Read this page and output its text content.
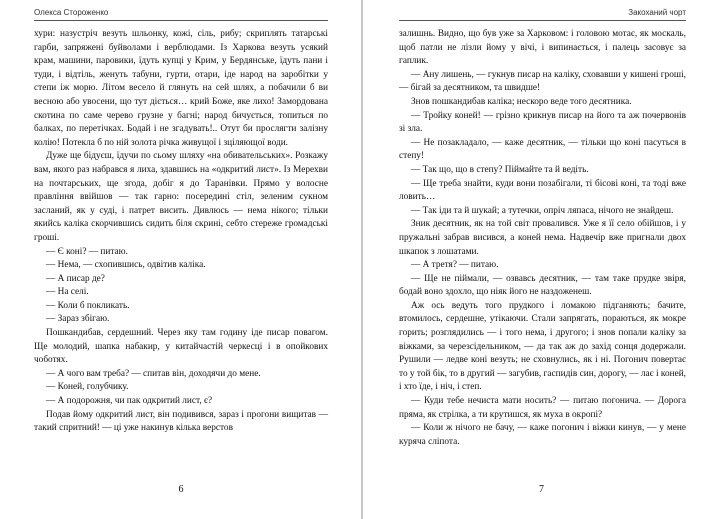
Олекса Стороженко

хури: назустріч везуть шльонку, кожі, сіль, рибу; скриплять татарські гарби, запряжені буйволами і верблюдами. Із Харкова везуть усякий крам, машини, паровики, їдуть купці у Крим, у Бердянське, їдуть пани і туди, і відтіль, женуть табуни, гурти, отари, іде народ на заробітки у степи іж морю. Літом весело й глянуть на сей шлях, а побачили б ви весною або увосени, що тут діється… крий Боже, яке лихо! Замордована скотина по саме черево грузне у багні; народ бичується, топиться по балках, по перетічках. Бодай і не згадувать!.. Отут би прослягти залізну колію! Потекла б по ній золота річка живущої і зціляющої води.

Дуже ще бідуєш, їдучи по сьому шляху «на обивательських». Розкажу вам, якого раз набрався я лиха, здавшись на «одкритий лист». Із Мерехви на почтарських, ще згода, добіг я до Таранівки. Прямо у волосне правління ввійшов — так гарно: посередині стіл, зеленим сукном засланий, як у суді, і патрет висить. Дивлюсь — нема нікого; тільки якийсь каліка скорчившись сидить біля скрині, себто стереже громадські гроші.

— Є коні? — питаю.

— Нема, — схопившись, одвітив каліка.

— А писар де?

— На селі.

— Коли б покликать.

— Зараз збігаю.

Пошкандибав, сердешний. Через яку там годину іде писар повагом. Ще молодий, шапка набакир, у китайчастій черкесці і в опойкових чоботях.

— А чого вам треба? — спитав він, доходячи до мене.

— Коней, голубчику.

— А подорожня, чи пак одкритий лист, є?

Подав йому одкритий лист, він подивився, зараз і прогони вищитав — такий спритний! — ці уже накинув кілька верстов

6
Закоханий чорт

залишнь. Видно, що був уже за Харковом: і головою мотає, як москаль, щоб патли не лізли йому у вічі, і випинається, і палець засовує за гаплик.

— Ану лишень, — гукнув писар на каліку, сховавши у кишені гроші, — бігай за десятником, та швидше!

Знов пошкандибав каліка; нескоро веде того десятника.

— Тройку коней! — грізно крикнув писар на його та аж почервонів зі зла.

— Не позакладало, — каже десятник, — тільки що коні пасуться в степу!

— Так що, що в степу? Піймайте та й ведіть.

— Ще треба знайти, куди вони позабігали, ті бісові коні, та тоді вже ловить…

— Так іди та й шукай; а тутечки, опріч ляпаса, нічого не знайдеш.

Зник десятник, як на той світ провалився. Уже я її село обійшов, і у пружальні забрав висився, а коней нема. Надвечір вже пригнали двох шкапок з лошатами.

— А третя? — питаю.

— Ще не піймали, — озвавсь десятник, — там таке прудке звіря, бодай воно здохло, що ніяк його не наздоженеш.

Аж ось ведуть того прудкого і ломакою підганяють; бачите, втомилось, сердешне, утікаючи. Стали запрягать, пораються, як мокре горить; розглядились — і того нема, і другого; і знов попали каліку за віжками, за черезсідельником, — да так аж до захід сонця додержали. Рушили — ледве коні везуть; не сховнулись, як і ні. Погонич повертає то у той бік, то в другий — загубив, гаспидів син, дорогу, — лає і коней, і хто їде, і ніч, і степ.

— Куди тебе нечиста мати носить? — питаю погонича. — Дорога пряма, як стрілка, а ти крутишся, як муха в окропі?

— Коли ж нічого не бачу, — каже погонич і віжки кинув, — у мене куряча сліпота.

7
